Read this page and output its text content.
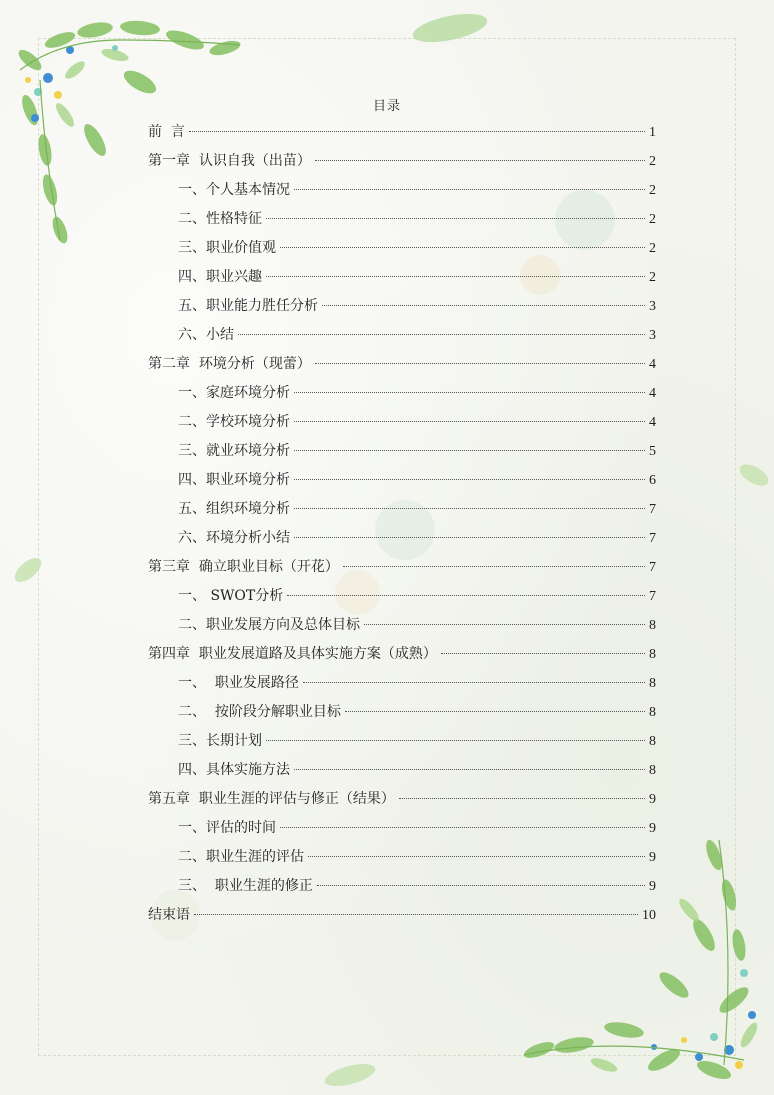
目录
前  言	1
第一章  认识自我（出苗）	2
一、个人基本情况	2
二、性格特征	2
三、职业价值观	2
四、职业兴趣	2
五、职业能力胜任分析	3
六、小结	3
第二章  环境分析（现蕾）	4
一、家庭环境分析	4
二、学校环境分析	4
三、就业环境分析	5
四、职业环境分析	6
五、组织环境分析	7
六、环境分析小结	7
第三章  确立职业目标（开花）	7
一、 SWOT分析	7
二、职业发展方向及总体目标	8
第四章  职业发展道路及具体实施方案（成熟）	8
一、  职业发展路径	8
二、  按阶段分解职业目标	8
三、长期计划	8
四、具体实施方法	8
第五章  职业生涯的评估与修正（结果）	9
一、评估的时间	9
二、职业生涯的评估	9
三、  职业生涯的修正	9
结束语	10
